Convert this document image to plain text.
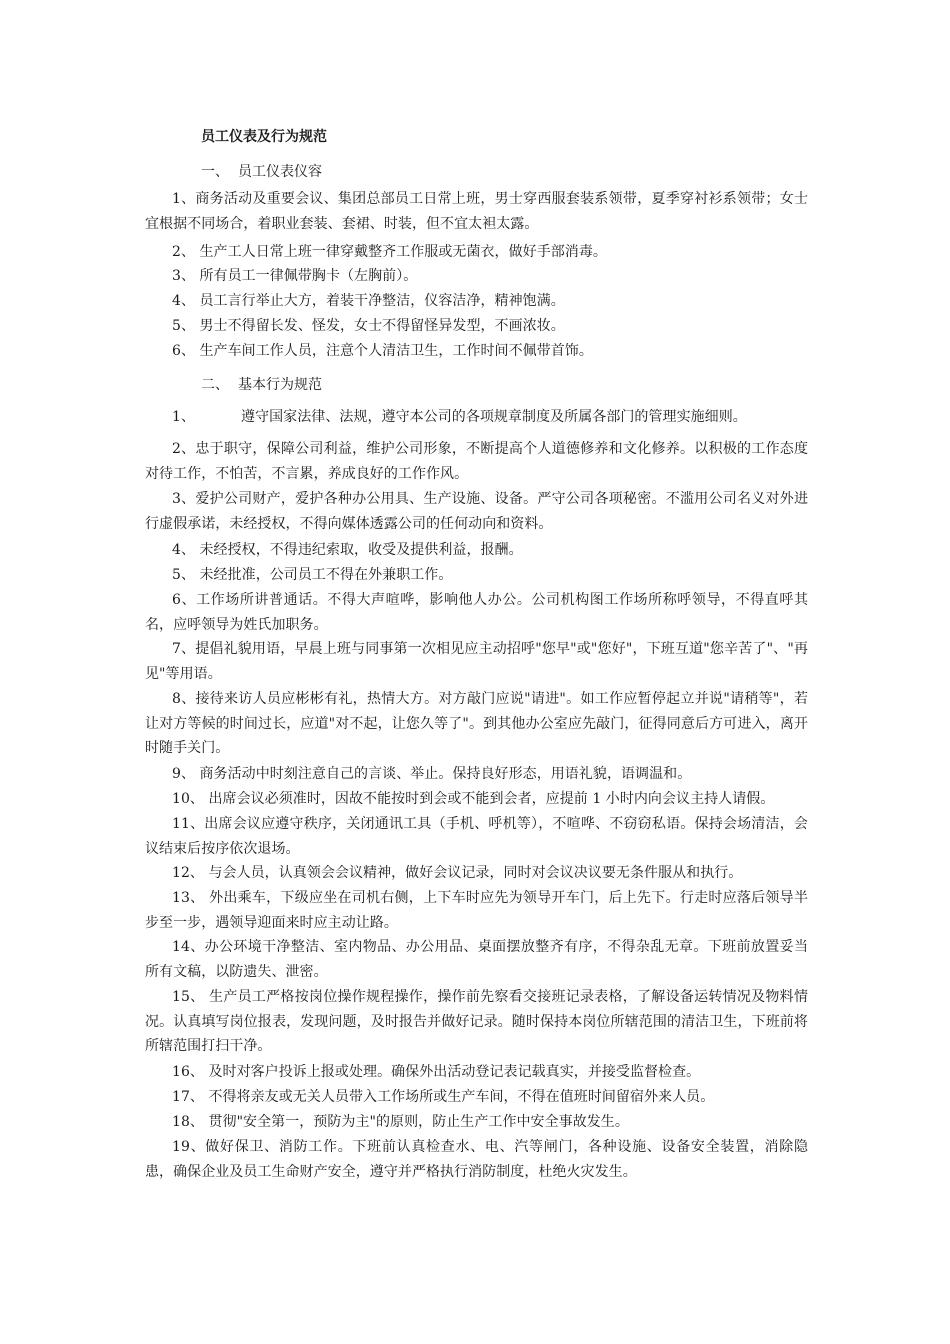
员工仪表及行为规范
一、 员工仪表仪容

1、商务活动及重要会议、集团总部员工日常上班，男士穿西服套装系领带，夏季穿衬衫系领带；女士宜根据不同场合，着职业套装、套裙、时装，但不宜太袒太露。

2、 生产工人日常上班一律穿戴整齐工作服或无菌衣，做好手部消毒。

3、 所有员工一律佩带胸卡（左胸前）。

4、 员工言行举止大方，着装干净整洁，仪容洁净，精神饱满。

5、 男士不得留长发、怪发，女士不得留怪异发型，不画浓妆。

6、 生产车间工作人员，注意个人清洁卫生，工作时间不佩带首饰。

二、 基本行为规范

1、	遵守国家法律、法规，遵守本公司的各项规章制度及所属各部门的管理实施细则。

2、忠于职守，保障公司利益，维护公司形象，不断提高个人道德修养和文化修养。以积极的工作态度对待工作，不怕苦，不言累，养成良好的工作作风。

3、爱护公司财产，爱护各种办公用具、生产设施、设备。严守公司各项秘密。不滥用公司名义对外进行虚假承诺，未经授权，不得向媒体透露公司的任何动向和资料。

4、 未经授权，不得违纪索取，收受及提供利益，报酬。

5、 未经批准，公司员工不得在外兼职工作。

6、工作场所讲普通话。不得大声喧哗，影响他人办公。公司机构图工作场所称呼领导，不得直呼其名，应呼领导为姓氏加职务。

7、提倡礼貌用语，早晨上班与同事第一次相见应主动招呼"您早"或"您好"，下班互道"您辛苦了"、"再见"等用语。

8、接待来访人员应彬彬有礼，热情大方。对方敲门应说"请进"。如工作应暂停起立并说"请稍等"，若让对方等候的时间过长，应道"对不起，让您久等了"。到其他办公室应先敲门，征得同意后方可进入，离开时随手关门。

9、 商务活动中时刻注意自己的言谈、举止。保持良好形态，用语礼貌，语调温和。

10、 出席会议必须准时，因故不能按时到会或不能到会者，应提前 1 小时内向会议主持人请假。

11、出席会议应遵守秩序，关闭通讯工具（手机、呼机等），不喧哗、不窃窃私语。保持会场清洁，会议结束后按序依次退场。

12、 与会人员，认真领会会议精神，做好会议记录，同时对会议决议要无条件服从和执行。

13、 外出乘车，下级应坐在司机右侧，上下车时应先为领导开车门，后上先下。行走时应落后领导半步至一步，遇领导迎面来时应主动让路。

14、办公环境干净整洁、室内物品、办公用品、桌面摆放整齐有序，不得杂乱无章。下班前放置妥当所有文稿，以防遗失、泄密。

15、 生产员工严格按岗位操作规程操作，操作前先察看交接班记录表格，了解设备运转情况及物料情况。认真填写岗位报表，发现问题，及时报告并做好记录。随时保持本岗位所辖范围的清洁卫生，下班前将所辖范围打扫干净。

16、 及时对客户投诉上报或处理。确保外出活动登记表记载真实，并接受监督检查。

17、 不得将亲友或无关人员带入工作场所或生产车间，不得在值班时间留宿外来人员。

18、 贯彻"安全第一，预防为主"的原则，防止生产工作中安全事故发生。

19、做好保卫、消防工作。下班前认真检查水、电、汽等闸门，各种设施、设备安全装置，消除隐患，确保企业及员工生命财产安全，遵守并严格执行消防制度，杜绝火灾发生。
